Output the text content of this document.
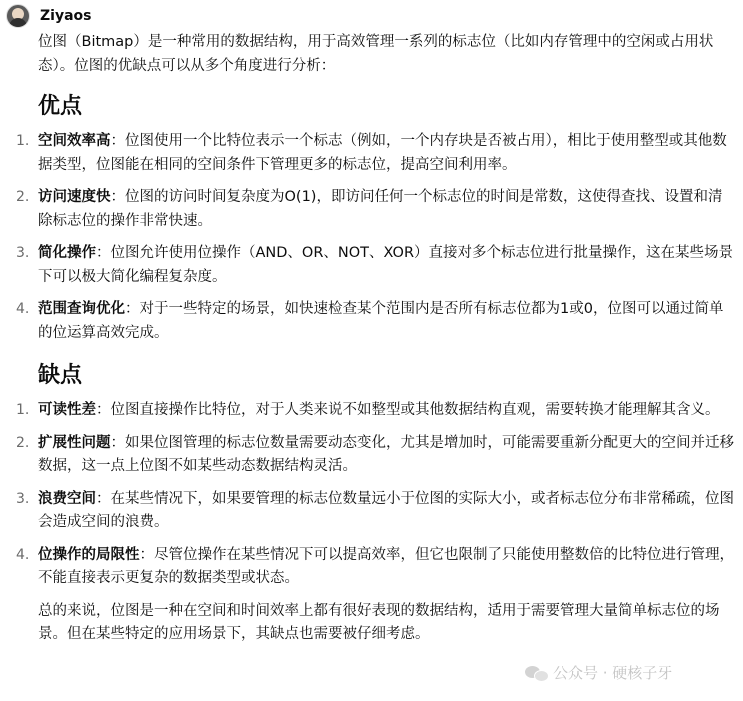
Ziyaos

位图（Bitmap）是一种常用的数据结构，用于高效管理一系列的标志位（比如内存管理中的空闲或占用状态）。位图的优缺点可以从多个角度进行分析：

优点
1. 空间效率高：位图使用一个比特位表示一个标志（例如，一个内存块是否被占用），相比于使用整型或其他数据类型，位图能在相同的空间条件下管理更多的标志位，提高空间利用率。
2. 访问速度快：位图的访问时间复杂度为O(1)，即访问任何一个标志位的时间是常数，这使得查找、设置和清除标志位的操作非常快速。
3. 简化操作：位图允许使用位操作（AND、OR、NOT、XOR）直接对多个标志位进行批量操作，这在某些场景下可以极大简化编程复杂度。
4. 范围查询优化：对于一些特定的场景，如快速检查某个范围内是否所有标志位都为1或0，位图可以通过简单的位运算高效完成。
缺点
1. 可读性差：位图直接操作比特位，对于人类来说不如整型或其他数据结构直观，需要转换才能理解其含义。
2. 扩展性问题：如果位图管理的标志位数量需要动态变化，尤其是增加时，可能需要重新分配更大的空间并迁移数据，这一点上位图不如某些动态数据结构灵活。
3. 浪费空间：在某些情况下，如果要管理的标志位数量远小于位图的实际大小，或者标志位分布非常稀疏，位图会造成空间的浪费。
4. 位操作的局限性：尽管位操作在某些情况下可以提高效率，但它也限制了只能使用整数倍的比特位进行管理，不能直接表示更复杂的数据类型或状态。

总的来说，位图是一种在空间和时间效率上都有很好表现的数据结构，适用于需要管理大量简单标志位的场景。但在某些特定的应用场景下，其缺点也需要被仔细考虑。

公众号 · 硬核子牙
